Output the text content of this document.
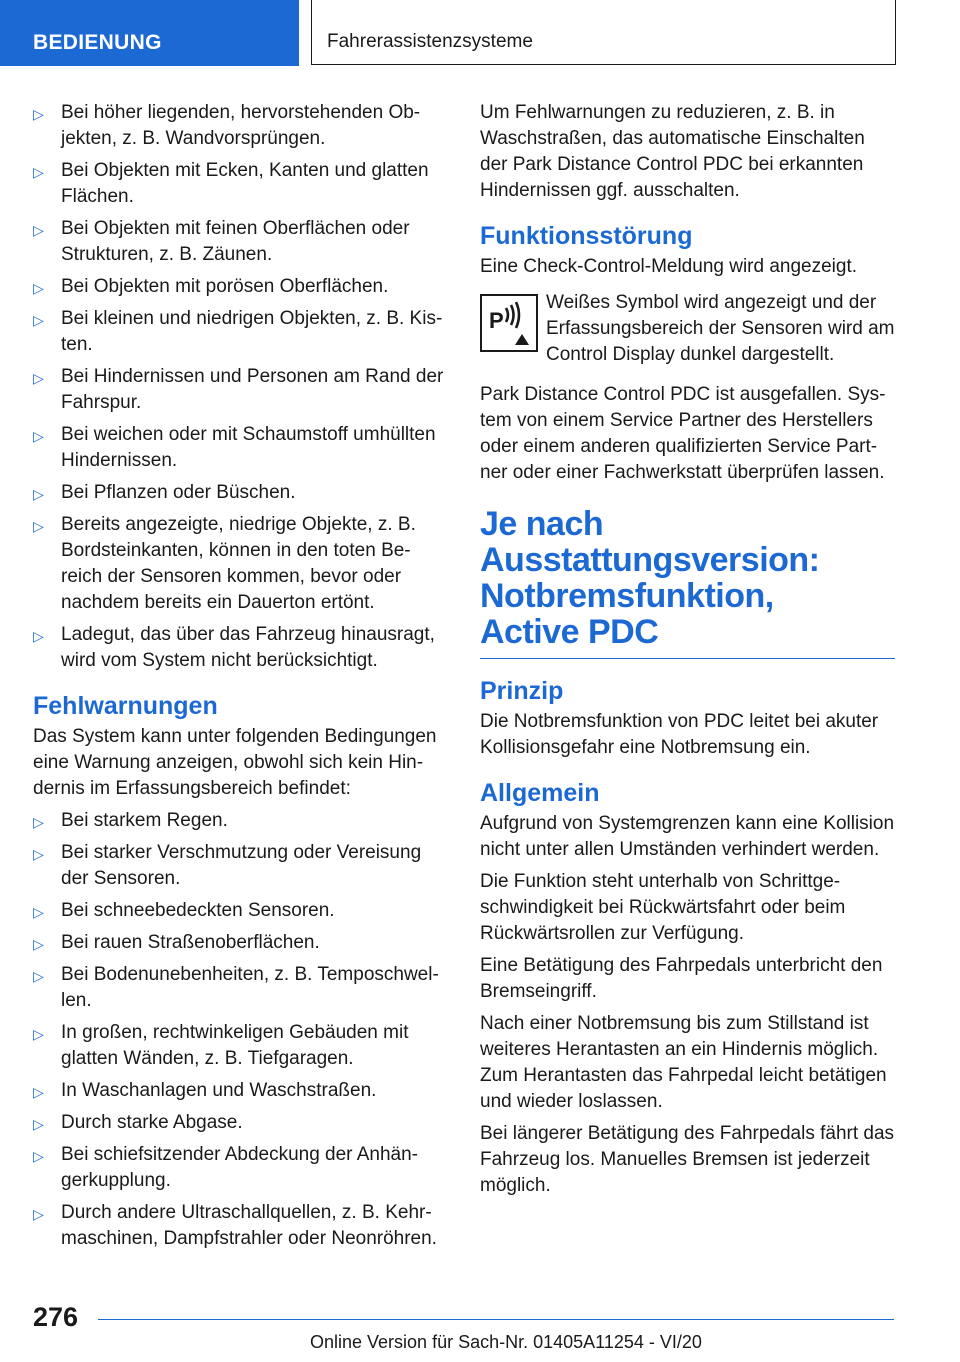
BEDIENUNG	Fahrerassistenzsysteme
▷ Bei höher liegenden, hervorstehenden Ob‐jekten, z. B. Wandvorsprüngen.
▷ Bei Objekten mit Ecken, Kanten und glatten Flächen.
▷ Bei Objekten mit feinen Oberflächen oder Strukturen, z. B. Zäunen.
▷ Bei Objekten mit porösen Oberflächen.
▷ Bei kleinen und niedrigen Objekten, z. B. Kis‐ten.
▷ Bei Hindernissen und Personen am Rand der Fahrspur.
▷ Bei weichen oder mit Schaumstoff umhüllten Hindernissen.
▷ Bei Pflanzen oder Büschen.
▷ Bereits angezeigte, niedrige Objekte, z. B. Bordsteinkanten, können in den toten Be‐reich der Sensoren kommen, bevor oder nachdem bereits ein Dauerton ertönt.
▷ Ladegut, das über das Fahrzeug hinausragt, wird vom System nicht berücksichtigt.
Fehlwarnungen

Das System kann unter folgenden Bedingungen eine Warnung anzeigen, obwohl sich kein Hin‐dernis im Erfassungsbereich befindet:

▷ Bei starkem Regen.
▷ Bei starker Verschmutzung oder Vereisung der Sensoren.
▷ Bei schneebedeckten Sensoren.
▷ Bei rauen Straßenoberflächen.
▷ Bei Bodenunebenheiten, z. B. Temposchwel‐len.
▷ In großen, rechtwinkeligen Gebäuden mit glatten Wänden, z. B. Tiefgaragen.
▷ In Waschanlagen und Waschstraßen.
▷ Durch starke Abgase.
▷ Bei schiefsitzender Abdeckung der Anhän‐gerkupplung.
▷ Durch andere Ultraschallquellen, z. B. Kehr‐maschinen, Dampfstrahler oder Neonröhren.

Um Fehlwarnungen zu reduzieren, z. B. in Waschstraßen, das automatische Einschalten der Park Distance Control PDC bei erkannten Hindernissen ggf. ausschalten.

Funktionsstörung

Eine Check-Control-Meldung wird angezeigt.

P

Weißes Symbol wird angezeigt und der Erfassungsbereich der Sensoren wird am Control Display dunkel dargestellt.

Park Distance Control PDC ist ausgefallen. Sys‐tem von einem Service Partner des Herstellers oder einem anderen qualifizierten Service Part‐ner oder einer Fachwerkstatt überprüfen lassen.

Je nach
Ausstattungsversion:
Notbremsfunktion,
Active PDC
Prinzip

Die Notbremsfunktion von PDC leitet bei akuter Kollisionsgefahr eine Notbremsung ein.

Allgemein

Aufgrund von Systemgrenzen kann eine Kollision nicht unter allen Umständen verhindert werden.

Die Funktion steht unterhalb von Schrittge‐schwindigkeit bei Rückwärtsfahrt oder beim Rückwärtsrollen zur Verfügung.

Eine Betätigung des Fahrpedals unterbricht den Bremseingriff.

Nach einer Notbremsung bis zum Stillstand ist weiteres Herantasten an ein Hindernis möglich. Zum Herantasten das Fahrpedal leicht betätigen und wieder loslassen.

Bei längerer Betätigung des Fahrpedals fährt das Fahrzeug los. Manuelles Bremsen ist jederzeit möglich.

276
Online Version für Sach-Nr. 01405A11254 - VI/20
